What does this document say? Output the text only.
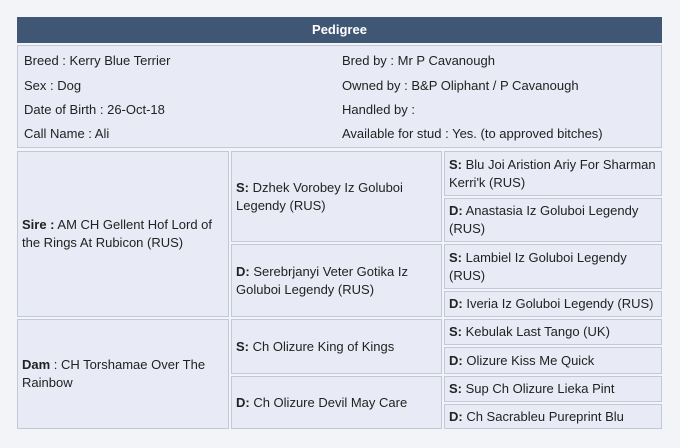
Pedigree
Breed : Kerry Blue Terrier
Sex : Dog
Date of Birth : 26-Oct-18
Call Name : Ali
Bred by : Mr P Cavanough
Owned by : B&P Oliphant / P Cavanough
Handled by :
Available for stud : Yes. (to approved bitches)
Sire : AM CH Gellent Hof Lord of the Rings At Rubicon (RUS)
Dam : CH Torshamae Over The Rainbow
S: Dzhek Vorobey Iz Goluboi Legendy (RUS)
D: Serebrjanyi Veter Gotika Iz Goluboi Legendy (RUS)
S: Ch Olizure King of Kings
D: Ch Olizure Devil May Care
S: Blu Joi Aristion Ariy For Sharman Kerri'k (RUS)
D: Anastasia Iz Goluboi Legendy (RUS)
S: Lambiel Iz Goluboi Legendy (RUS)
D: Iveria Iz Goluboi Legendy (RUS)
S: Kebulak Last Tango (UK)
D: Olizure Kiss Me Quick
S: Sup Ch Olizure Lieka Pint
D: Ch Sacrableu Pureprint Blu
